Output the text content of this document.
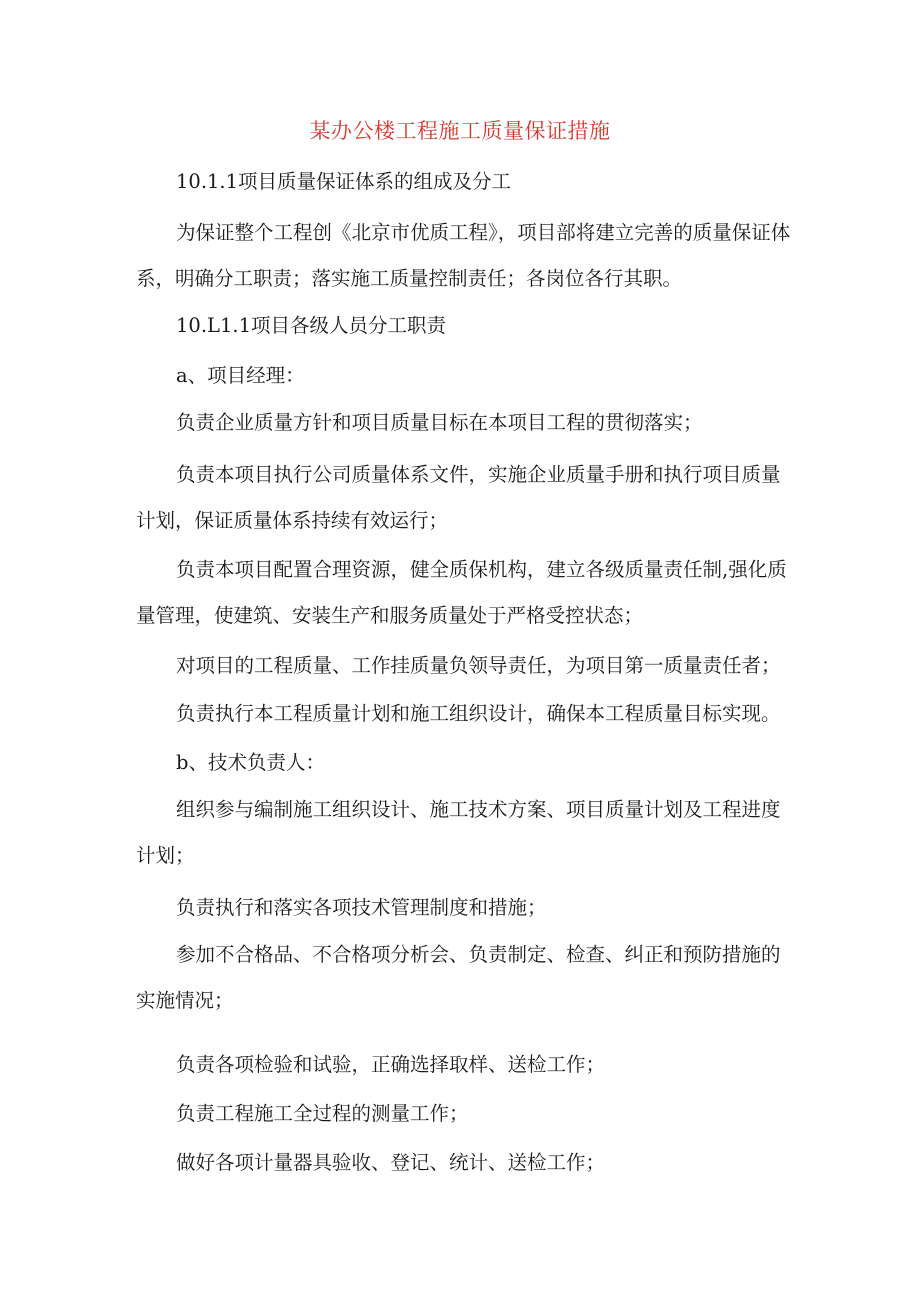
某办公楼工程施工质量保证措施
10.1.1项目质量保证体系的组成及分工

为保证整个工程创《北京市优质工程》，项目部将建立完善的质量保证体系，明确分工职责；落实施工质量控制责任；各岗位各行其职。

10.L1.1项目各级人员分工职责
a、项目经理：
负责企业质量方针和项目质量目标在本项目工程的贯彻落实；

负责本项目执行公司质量体系文件，实施企业质量手册和执行项目质量计划，保证质量体系持续有效运行；

负责本项目配置合理资源，健全质保机构，建立各级质量责任制,强化质量管理，使建筑、安装生产和服务质量处于严格受控状态；

对项目的工程质量、工作挂质量负领导责任，为项目第一质量责任者；
负责执行本工程质量计划和施工组织设计，确保本工程质量目标实现。
b、技术负责人：

组织参与编制施工组织设计、施工技术方案、项目质量计划及工程进度计划；

负责执行和落实各项技术管理制度和措施；

参加不合格品、不合格项分析会、负责制定、检查、纠正和预防措施的实施情况；

负责各项检验和试验，正确选择取样、送检工作；
负责工程施工全过程的测量工作；
做好各项计量器具验收、登记、统计、送检工作；
